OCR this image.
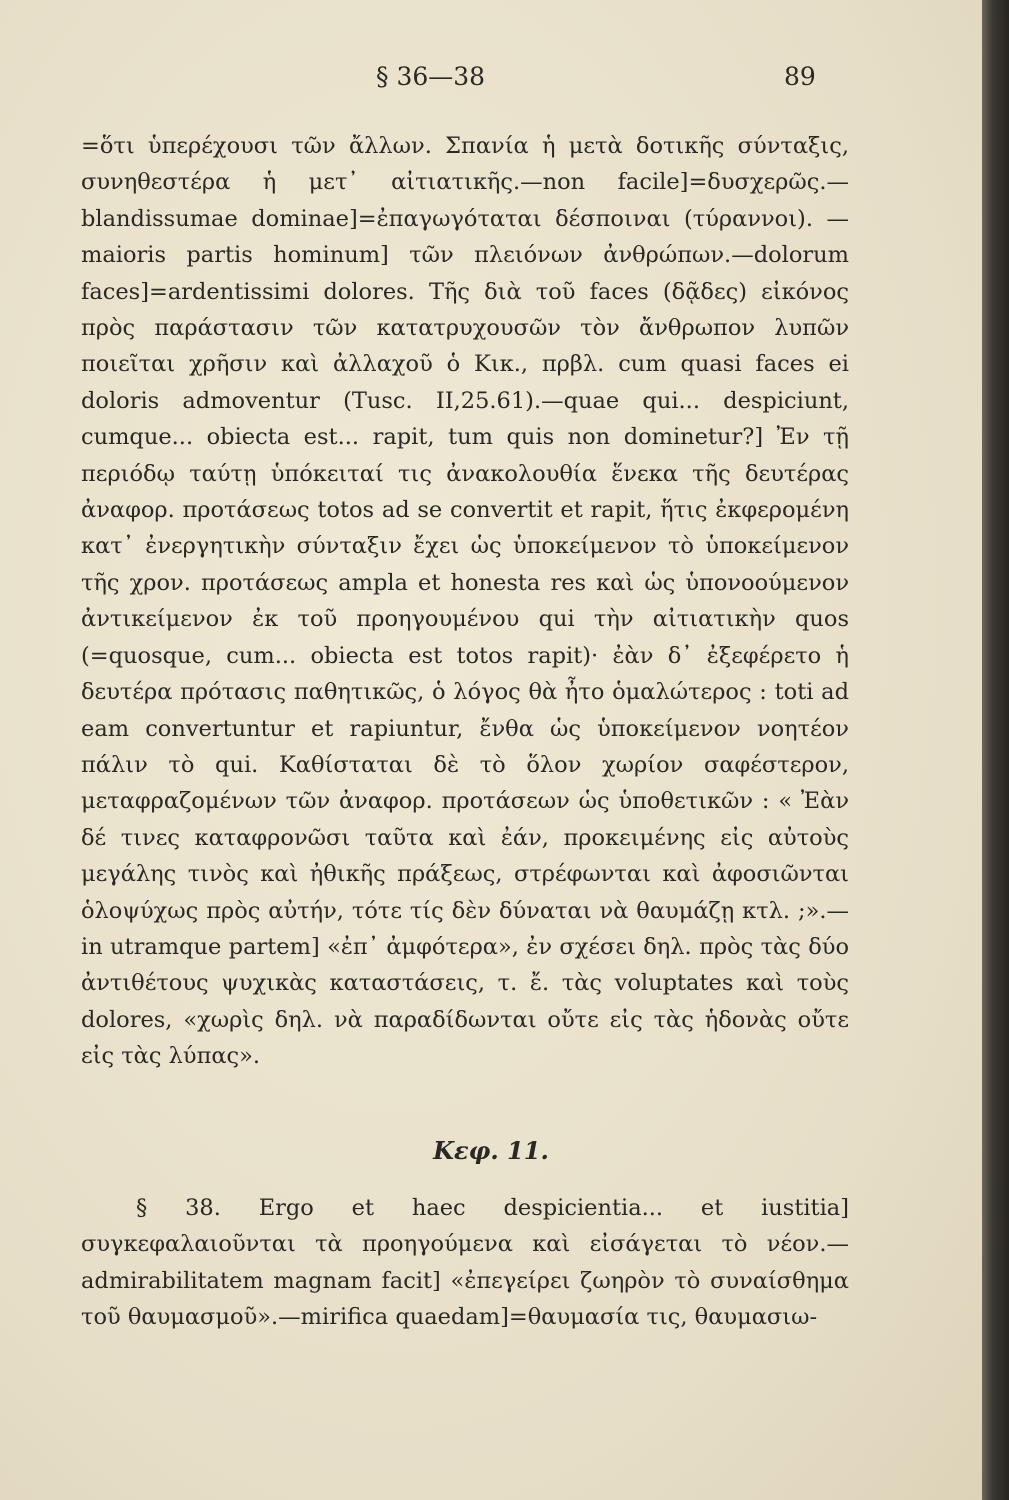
§ 36—38	89

=ὅτι ὑπερέχουσι τῶν ἄλλων. Σπανία ἡ μετὰ δοτικῆς σύνταξις, συνηθεστέρα ἡ μετ᾽ αἰτιατικῆς.—non facile]=δυσχερῶς.— blandissumae dominae]=ἐπαγωγόταται δέσποιναι (τύραννοι). —maioris partis hominum] τῶν πλειόνων ἀνθρώπων.—dolorum faces]=ardentissimi dolores. Τῆς διὰ τοῦ faces (δᾷδες) εἰκόνος πρὸς παράστασιν τῶν κατατρυχουσῶν τὸν ἄνθρωπον λυπῶν ποιεῖται χρῆσιν καὶ ἀλλαχοῦ ὁ Κικ., πρβλ. cum quasi faces ei doloris admoventur (Tusc. II,25.61).—quae qui... despiciunt, cumque... obiecta est... rapit, tum quis non dominetur?] Ἐν τῇ περιόδῳ ταύτῃ ὑπόκειταί τις ἀνακολουθία ἕνεκα τῆς δευτέρας ἀναφορ. προτάσεως totos ad se convertit et rapit, ἥτις ἐκφερομένη κατ᾽ ἐνεργητικὴν σύνταξιν ἔχει ὡς ὑποκείμενον τὸ ὑποκείμενον τῆς χρον. προτάσεως ampla et honesta res καὶ ὡς ὑπονοούμενον ἀντικείμενον ἐκ τοῦ προηγουμένου qui τὴν αἰτιατικὴν quos (=quosque, cum... obiecta est totos rapit)· ἐὰν δ᾽ ἐξεφέρετο ἡ δευτέρα πρότασις παθητικῶς, ὁ λόγος θὰ ἦτο ὁμαλώτερος : toti ad eam convertuntur et rapiuntur, ἔνθα ὡς ὑποκείμενον νοητέον πάλιν τὸ qui. Καθίσταται δὲ τὸ ὅλον χωρίον σαφέστερον, μεταφραζομένων τῶν ἀναφορ. προτάσεων ὡς ὑποθετικῶν : « Ἐὰν δέ τινες καταφρονῶσι ταῦτα καὶ ἐάν, προκειμένης εἰς αὐτοὺς μεγάλης τινὸς καὶ ἠθικῆς πράξεως, στρέφωνται καὶ ἀφοσιῶνται ὁλοψύχως πρὸς αὐτήν, τότε τίς δὲν δύναται νὰ θαυμάζῃ κτλ. ;».—in utramque partem] «ἐπ᾽ ἀμφότερα», ἐν σχέσει δηλ. πρὸς τὰς δύο ἀντιθέτους ψυχικὰς καταστάσεις, τ. ἔ. τὰς voluptates καὶ τοὺς dolores, «χωρὶς δηλ. νὰ παραδίδωνται οὔτε εἰς τὰς ἡδονὰς οὔτε εἰς τὰς λύπας».

Κεφ. 11.

§ 38. Ergo et haec despicientia... et iustitia] συγκεφαλαιοῦνται τὰ προηγούμενα καὶ εἰσάγεται τὸ νέον.—admirabilitatem magnam facit] «ἐπεγείρει ζωηρὸν τὸ συναίσθημα τοῦ θαυμασμοῦ».—mirifica quaedam]=θαυμασία τις, θαυμασιω-
